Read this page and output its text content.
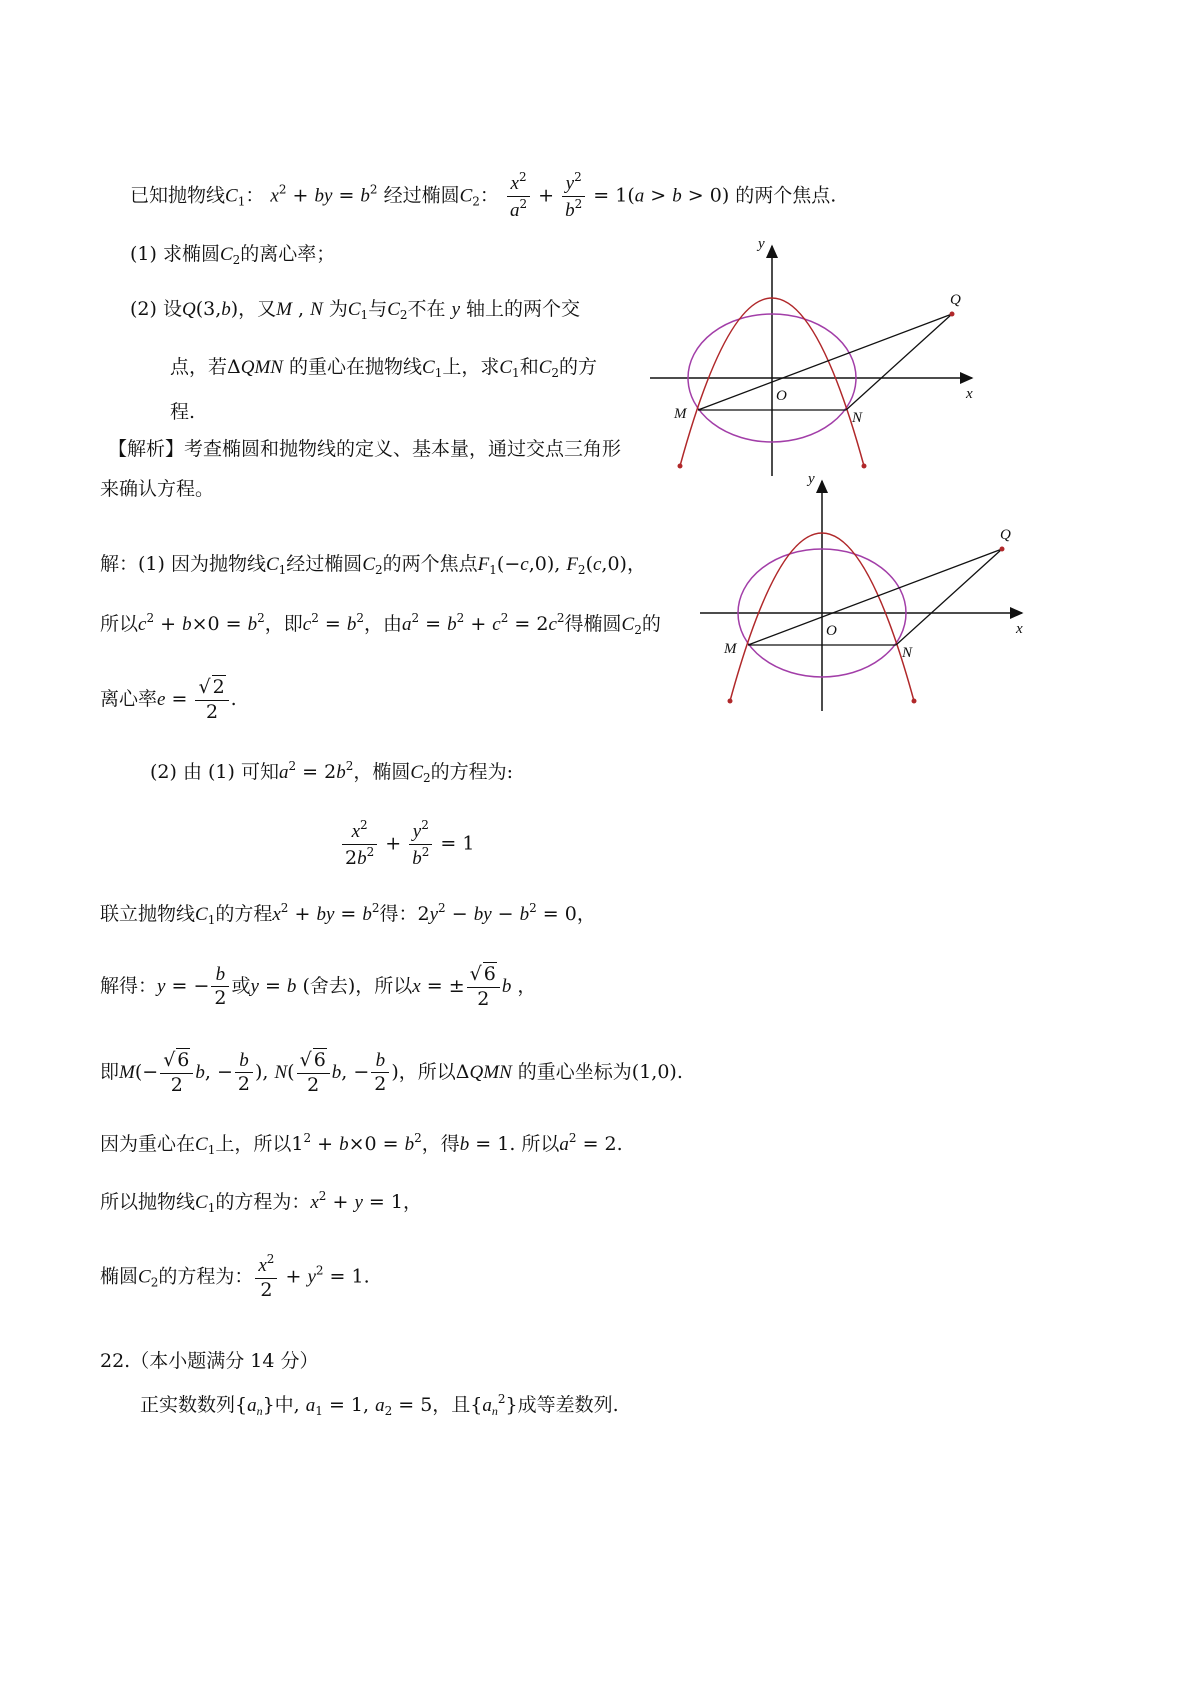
已知抛物线$C_1$： $x^2$ + by = $b^2$ 经过椭圆$C_2$： $\frac{x^2}{a^2} + \frac{y^2}{b^2} = 1(a > b > 0)$ 的两个焦点.
(1) 求椭圆$C_2$的离心率；
(2) 设Q(3,b)，又M , N 为$C_1$与$C_2$不在 y 轴上的两个交
点，若ΔQMN 的重心在抛物线$C_1$上，求$C_1$和$C_2$的方
程.
【解析】考查椭圆和抛物线的定义、基本量，通过交点三角形
来确认方程。
解：(1) 因为抛物线$C_1$经过椭圆$C_2$的两个焦点$F_1(-c,0)$, $F_2(c,0)$，
所以$c^2 + b\times 0 = b^2$，即$c^2 = b^2$，由$a^2 = b^2 + c^2 = 2c^2$得椭圆$C_2$的
离心率$e = \frac{√ 2}{2}$ .
(2) 由 (1) 可知$a^2 = 2b^2$，椭圆$C_2$的方程为:
$\frac{x^2}{2b^2} + \frac{y^2}{b^2} = 1$
联立抛物线$C_1$的方程$x^2$ + by = $b^2$得：$2y^2$ − by − $b^2 = 0$，
解得：y = − $\frac{b}{2}$ 或y = b (舍去)，所以x = ± $\frac{√ 6}{2}$ b ，
即$M(- \frac{√ 6}{2} b$, − $\frac{b}{2}$ ), $N( \frac{√ 6}{2} b$, − $\frac{b}{2}$ )，所以ΔQMN 的重心坐标为(1,0).
因为重心在$C_1$上，所以$1^2 + b\times 0 = b^2$，得b = 1. 所以$a^2 = 2$.
所以抛物线$C_1$的方程为：$x^2 + y = 1$，
椭圆$C_2$的方程为： $\frac{x^2}{2} + y^2 = 1$.
22.（本小题满分 14 分）
正实数数列$\{a_n\}$中, $a_1 = 1$, $a_2 = 5$，且$\{a_n^2\}$成等差数列.
y
x
O
M	N
Q
y
x
O
M	N
Q
